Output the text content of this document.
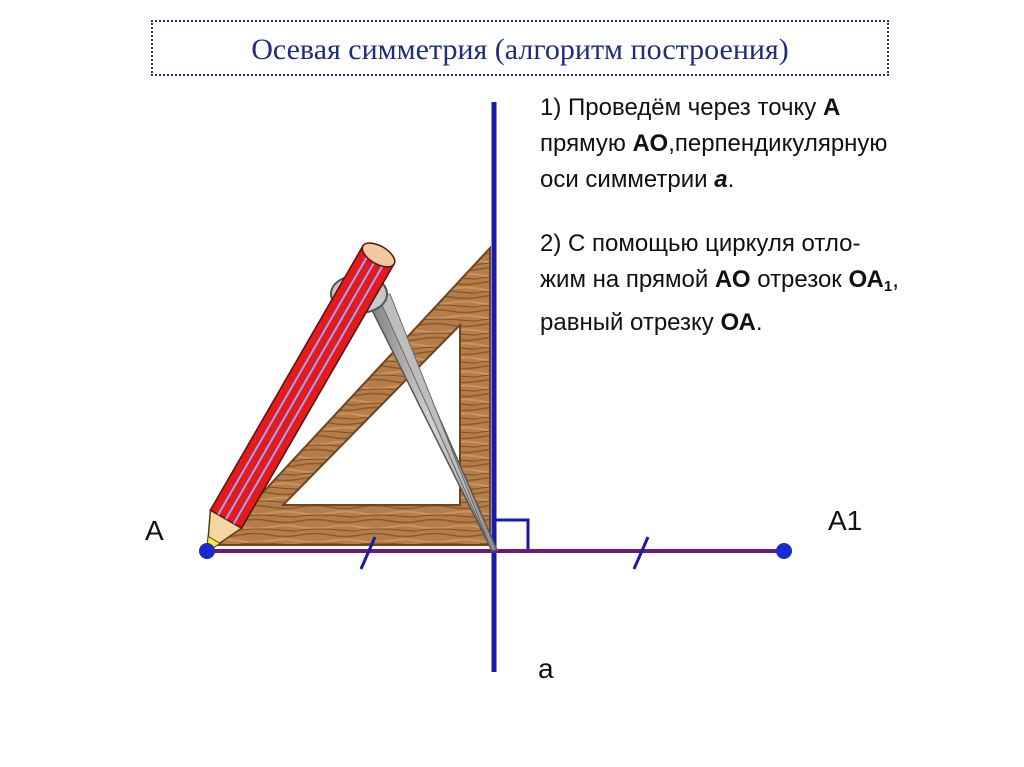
Осевая симметрия (алгоритм построения)
1) Проведём через точку А
прямую АО,перпендикулярную
оси симметрии а.
2) С помощью циркуля отло-
жим на прямой АО отрезок $ОА_1$,
равный отрезку ОА.
А	А1
а
